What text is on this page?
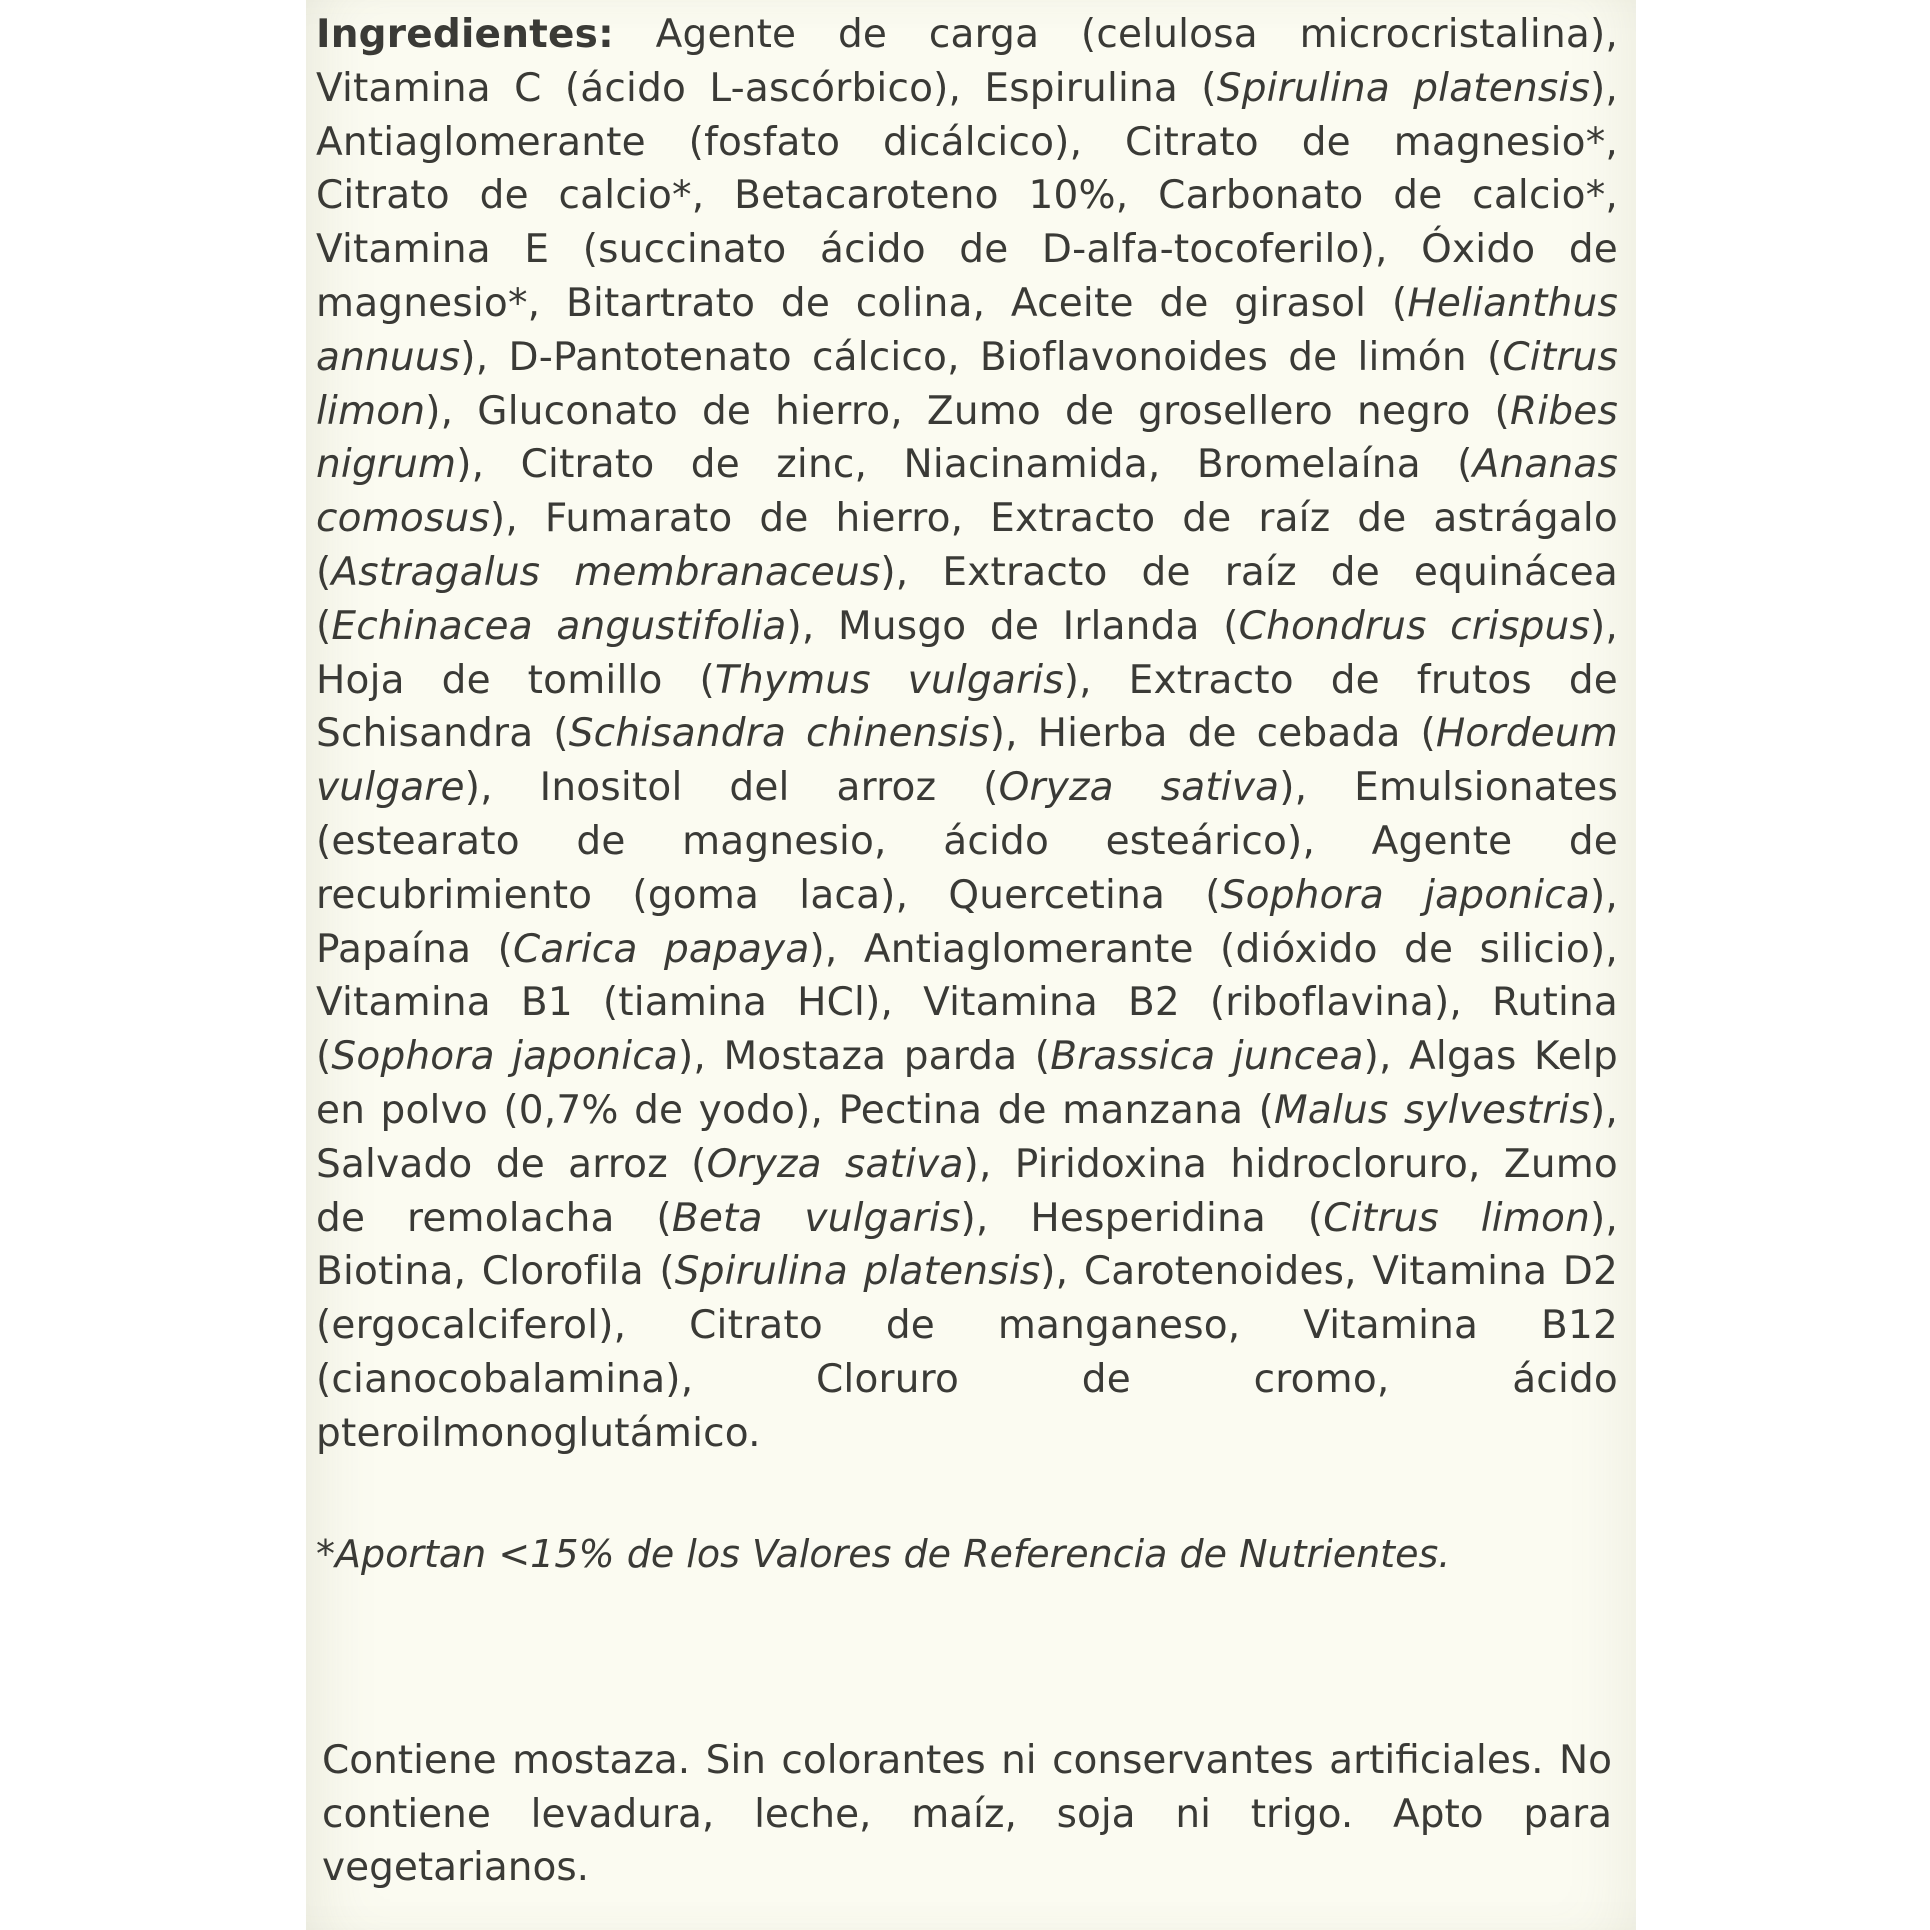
Ingredientes: Agente de carga (celulosa microcristalina), Vitamina C (ácido L-ascórbico), Espirulina (Spirulina platensis), Antiaglomerante (fosfato dicálcico), Citrato de magnesio*, Citrato de calcio*, Betacaroteno 10%, Carbonato de calcio*, Vitamina E (succinato ácido de D-alfa-tocoferilo), Óxido de magnesio*, Bitartrato de colina, Aceite de girasol (Helianthus annuus), D-Pantotenato cálcico, Bioflavonoides de limón (Citrus limon), Gluconato de hierro, Zumo de grosellero negro (Ribes nigrum), Citrato de zinc, Niacinamida, Bromelaína (Ananas comosus), Fumarato de hierro, Extracto de raíz de astrágalo (Astragalus membranaceus), Extracto de raíz de equinácea (Echinacea angustifolia), Musgo de Irlanda (Chondrus crispus), Hoja de tomillo (Thymus vulgaris), Extracto de frutos de Schisandra (Schisandra chinensis), Hierba de cebada (Hordeum vulgare), Inositol del arroz (Oryza sativa), Emulsionates (estearato de magnesio, ácido esteárico), Agente de recubrimiento (goma laca), Quercetina (Sophora japonica), Papaína (Carica papaya), Antiaglomerante (dióxido de silicio), Vitamina B1 (tiamina HCl), Vitamina B2 (riboflavina), Rutina (Sophora japonica), Mostaza parda (Brassica juncea), Algas Kelp en polvo (0,7% de yodo), Pectina de manzana (Malus sylvestris), Salvado de arroz (Oryza sativa), Piridoxina hidrocloruro, Zumo de remolacha (Beta vulgaris), Hesperidina (Citrus limon), Biotina, Clorofila (Spirulina platensis), Carotenoides, Vitamina D2 (ergocalciferol), Citrato de manganeso, Vitamina B12 (cianocobalamina), Cloruro de cromo, ácido pteroilmonoglutámico.

*Aportan <15% de los Valores de Referencia de Nutrientes.

Contiene mostaza. Sin colorantes ni conservantes artificiales. No contiene levadura, leche, maíz, soja ni trigo. Apto para vegetarianos.
